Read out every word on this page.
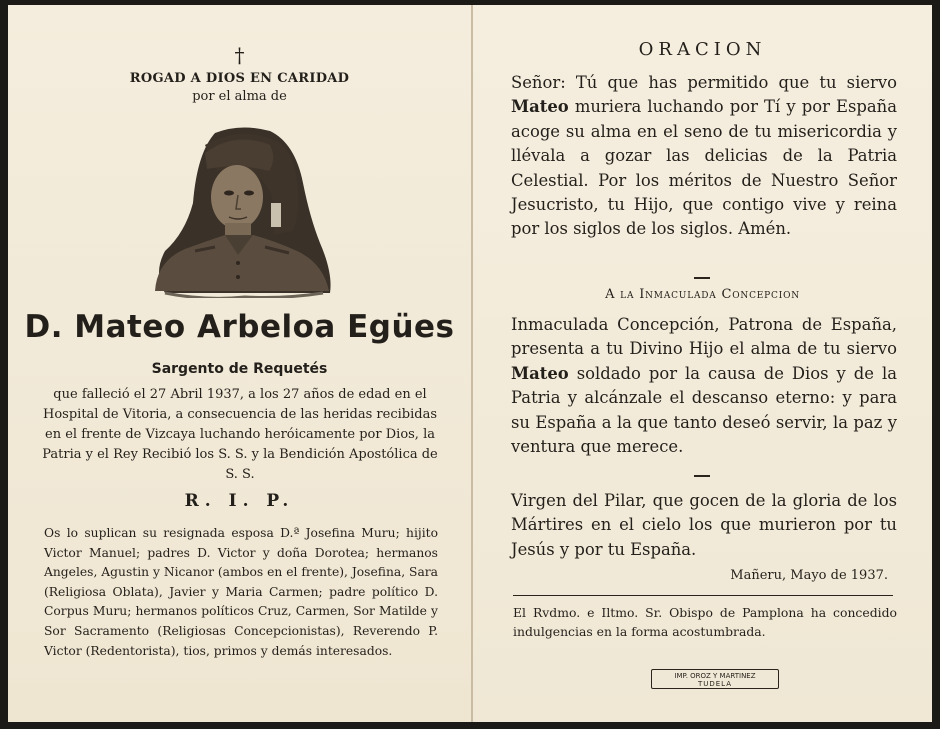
†
ROGAD A DIOS EN CARIDAD
por el alma de
D. Mateo Arbeloa Egües
Sargento de Requetés
que falleció el 27 Abril 1937, a los 27 años de edad en el Hospital de Vitoria, a consecuencia de las heridas recibidas en el frente de Vizcaya luchando heróicamente por Dios, la Patria y el Rey Recibió los S. S. y la Bendición Apostólica de S. S.
R. I. P.
Os lo suplican su resignada esposa D.ª Josefina Muru; hijito Victor Manuel; padres D. Victor y doña Dorotea; hermanos Angeles, Agustin y Nicanor (ambos en el frente), Josefina, Sara (Religiosa Oblata), Javier y Maria Carmen; padre político D. Corpus Muru; hermanos políticos Cruz, Carmen, Sor Matilde y Sor Sacramento (Religiosas Concepcionistas), Reverendo P. Victor (Redentorista), tios, primos y demás interesados.
ORACION
Señor: Tú que has permitido que tu siervo Mateo muriera luchando por Tí y por España acoge su alma en el seno de tu misericordia y llévala a gozar las delicias de la Patria Celestial. Por los méritos de Nuestro Señor Jesucristo, tu Hijo, que contigo vive y reina por los siglos de los siglos. Amén.
A la Inmaculada Concepcion
Inmaculada Concepción, Patrona de España, presenta a tu Divino Hijo el alma de tu siervo Mateo soldado por la causa de Dios y de la Patria y alcánzale el descanso eterno: y para su España a la que tanto deseó servir, la paz y ventura que merece.
Virgen del Pilar, que gocen de la gloria de los Mártires en el cielo los que murieron por tu Jesús y por tu España.
Mañeru, Mayo de 1937.
El Rvdmo. e Iltmo. Sr. Obispo de Pamplona ha concedido indulgencias en la forma acostumbrada.
IMP. OROZ Y MARTINEZ
TUDELA
